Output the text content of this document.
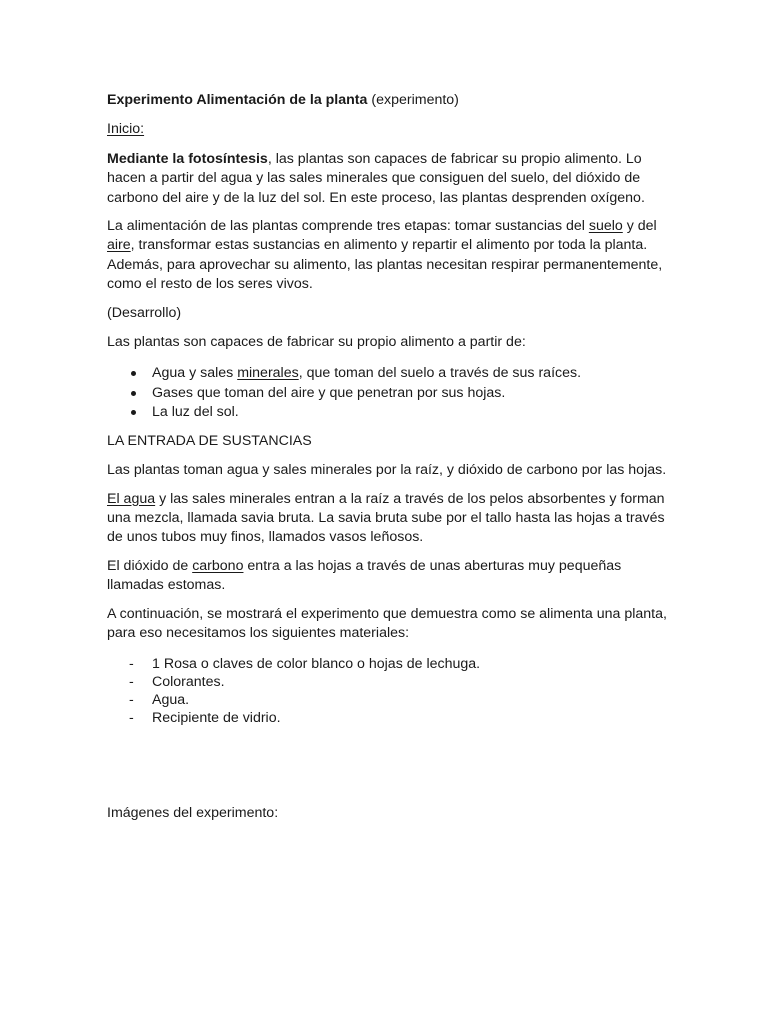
Experimento Alimentación de la planta (experimento)

Inicio:

Mediante la fotosíntesis, las plantas son capaces de fabricar su propio alimento. Lo hacen a partir del agua y las sales minerales que consiguen del suelo, del dióxido de carbono del aire y de la luz del sol. En este proceso, las plantas desprenden oxígeno.

La alimentación de las plantas comprende tres etapas: tomar sustancias del suelo y del aire, transformar estas sustancias en alimento y repartir el alimento por toda la planta. Además, para aprovechar su alimento, las plantas necesitan respirar permanentemente, como el resto de los seres vivos.

(Desarrollo)

Las plantas son capaces de fabricar su propio alimento a partir de:

Agua y sales minerales, que toman del suelo a través de sus raíces.
Gases que toman del aire y que penetran por sus hojas.
La luz del sol.

LA ENTRADA DE SUSTANCIAS

Las plantas toman agua y sales minerales por la raíz, y dióxido de carbono por las hojas.

El agua y las sales minerales entran a la raíz a través de los pelos absorbentes y forman una mezcla, llamada savia bruta. La savia bruta sube por el tallo hasta las hojas a través de unos tubos muy finos, llamados vasos leñosos.

El dióxido de carbono entra a las hojas a través de unas aberturas muy pequeñas llamadas estomas.

A continuación, se mostrará el experimento que demuestra como se alimenta una planta, para eso necesitamos los siguientes materiales:

- 1 Rosa o claves de color blanco o hojas de lechuga.
- Colorantes.
- Agua.
- Recipiente de vidrio.

Imágenes del experimento:
